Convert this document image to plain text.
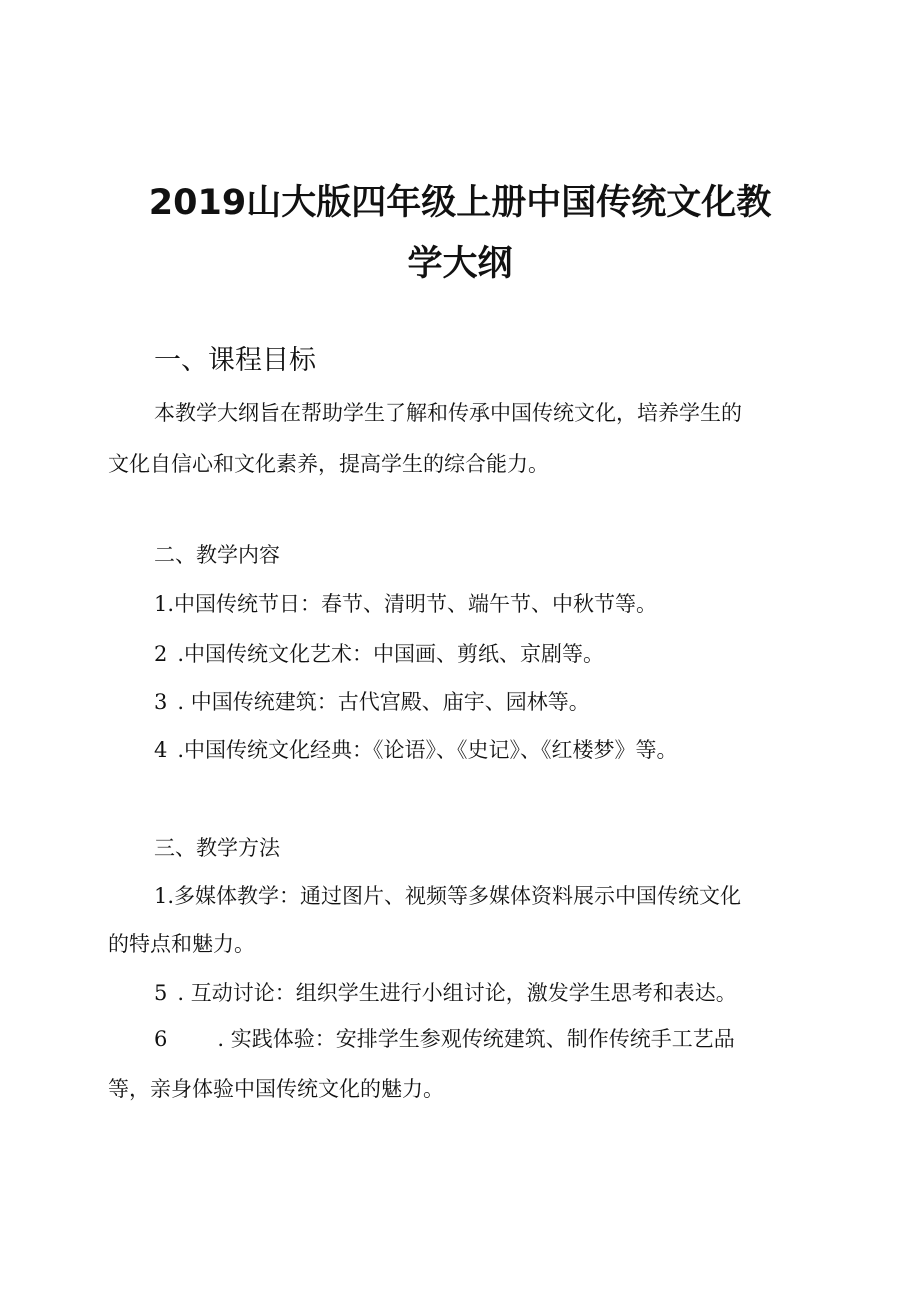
2019山大版四年级上册中国传统文化教
学大纲
一、课程目标
本教学大纲旨在帮助学生了解和传承中国传统文化，培养学生的
文化自信心和文化素养，提高学生的综合能力。
二、教学内容
1.中国传统节日：春节、清明节、端午节、中秋节等。
2 .中国传统文化艺术：中国画、剪纸、京剧等。
3 . 中国传统建筑：古代宫殿、庙宇、园林等。
4 .中国传统文化经典：《论语》、《史记》、《红楼梦》等。
三、教学方法
1.多媒体教学：通过图片、视频等多媒体资料展示中国传统文化
的特点和魅力。
5 . 互动讨论：组织学生进行小组讨论，激发学生思考和表达。
6 . 实践体验：安排学生参观传统建筑、制作传统手工艺品
等，亲身体验中国传统文化的魅力。
